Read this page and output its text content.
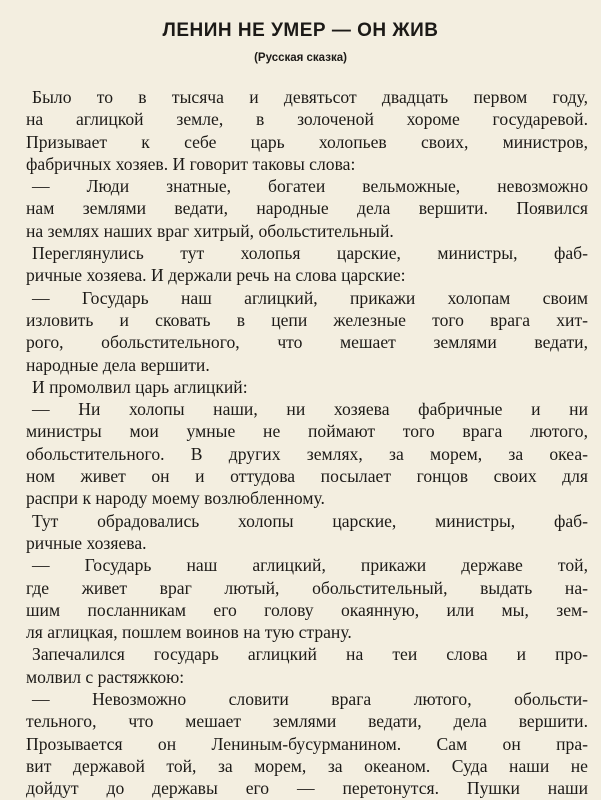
ЛЕНИН НЕ УМЕР — ОН ЖИВ

(Русская сказка)

Было то в тысяча и девятьсот двадцать первом году,
на аглицкой земле, в золоченой хороме государевой.
Призывает к себе царь холопьев своих, министров,
фабричных хозяев. И говорит таковы слова:
— Люди знатные, богатеи вельможные, невозможно
нам землями ведати, народные дела вершити. Появился
на землях наших враг хитрый, обольстительный.
Переглянулись тут холопья царские, министры, фаб-
ричные хозяева. И держали речь на слова царские:
— Государь наш аглицкий, прикажи холопам своим
изловить и сковать в цепи железные того врага хит-
рого, обольстительного, что мешает землями ведати,
народные дела вершити.
И промолвил царь аглицкий:
— Ни холопы наши, ни хозяева фабричные и ни
министры мои умные не поймают того врага лютого,
обольстительного. В других землях, за морем, за океа-
ном живет он и оттудова посылает гонцов своих для
распри к народу моему возлюбленному.
Тут обрадовались холопы царские, министры, фаб-
ричные хозяева.
— Государь наш аглицкий, прикажи державе той,
где живет враг лютый, обольстительный, выдать на-
шим посланникам его голову окаянную, или мы, зем-
ля аглицкая, пошлем воинов на тую страну.
Запечалился государь аглицкий на теи слова и про-
молвил с растяжкою:
— Невозможно словити врага лютого, обольсти-
тельного, что мешает землями ведати, дела вершити.
Прозывается он Лениным-бусурманином. Сам он пра-
вит державой той, за морем, за океаном. Суда наши не
дойдут до державы его — перетонутся. Пушки наши
